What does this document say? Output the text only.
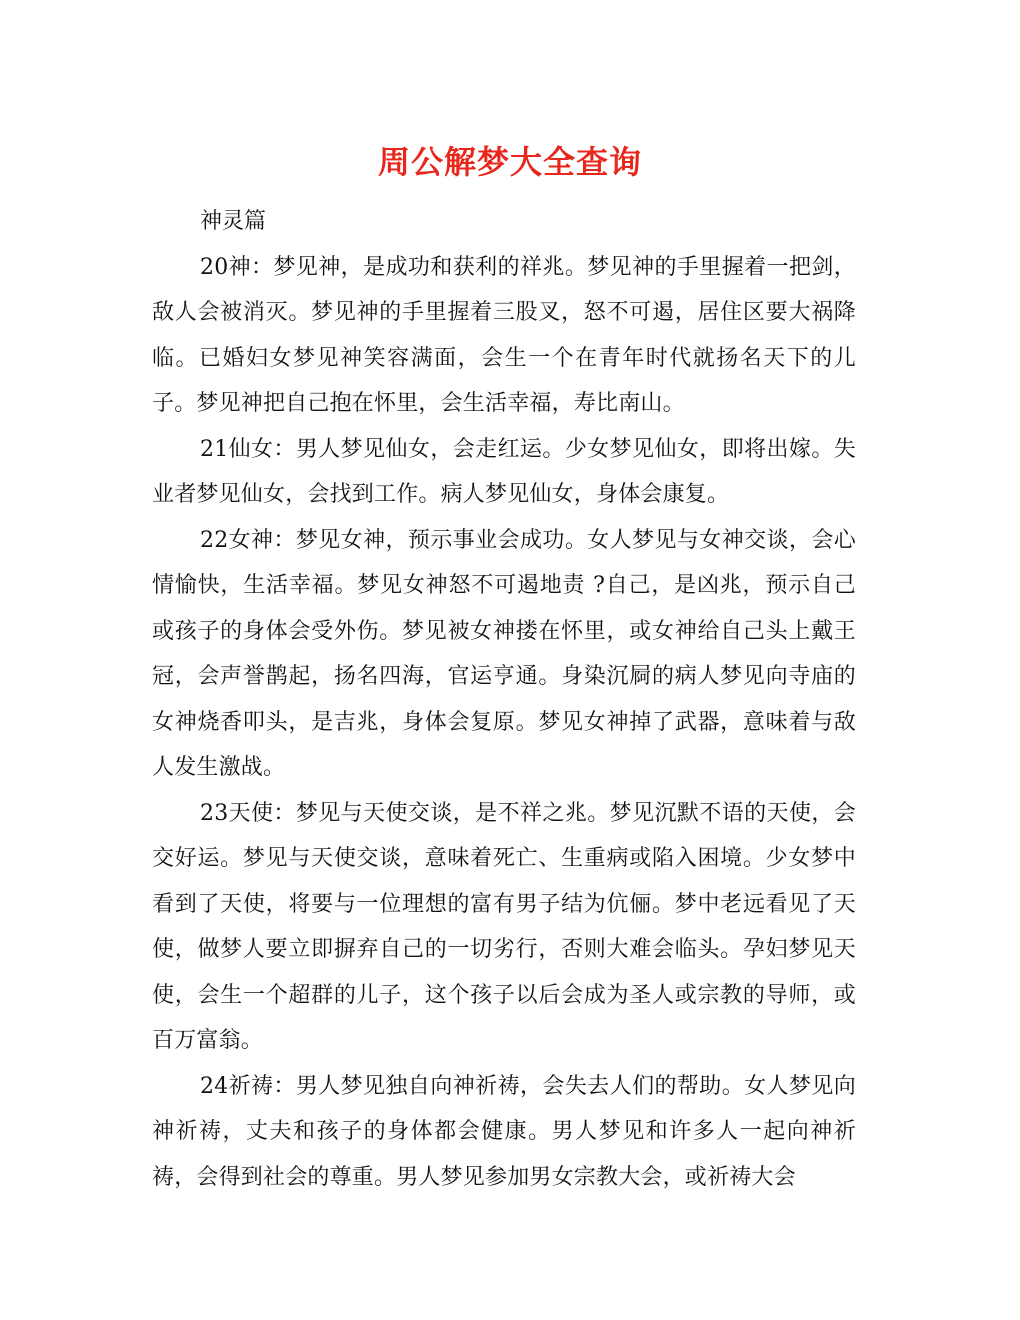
周公解梦大全查询

神灵篇

20神：梦见神，是成功和获利的祥兆。梦见神的手里握着一把剑，敌人会被消灭。梦见神的手里握着三股叉，怒不可遏，居住区要大祸降临。已婚妇女梦见神笑容满面，会生一个在青年时代就扬名天下的儿子。梦见神把自己抱在怀里，会生活幸福，寿比南山。

21仙女：男人梦见仙女，会走红运。少女梦见仙女，即将出嫁。失业者梦见仙女，会找到工作。病人梦见仙女，身体会康复。

22女神：梦见女神，预示事业会成功。女人梦见与女神交谈，会心情愉快，生活幸福。梦见女神怒不可遏地责 ?自己，是凶兆，预示自己或孩子的身体会受外伤。梦见被女神搂在怀里，或女神给自己头上戴王冠，会声誉鹊起，扬名四海，官运亨通。身染沉屙的病人梦见向寺庙的女神烧香叩头，是吉兆，身体会复原。梦见女神掉了武器，意味着与敌人发生激战。

23天使：梦见与天使交谈，是不祥之兆。梦见沉默不语的天使，会交好运。梦见与天使交谈，意味着死亡、生重病或陷入困境。少女梦中看到了天使，将要与一位理想的富有男子结为伉俪。梦中老远看见了天使，做梦人要立即摒弃自己的一切劣行，否则大难会临头。孕妇梦见天使，会生一个超群的儿子，这个孩子以后会成为圣人或宗教的导师，或百万富翁。

24祈祷：男人梦见独自向神祈祷，会失去人们的帮助。女人梦见向神祈祷，丈夫和孩子的身体都会健康。男人梦见和许多人一起向神祈祷，会得到社会的尊重。男人梦见参加男女宗教大会，或祈祷大会
